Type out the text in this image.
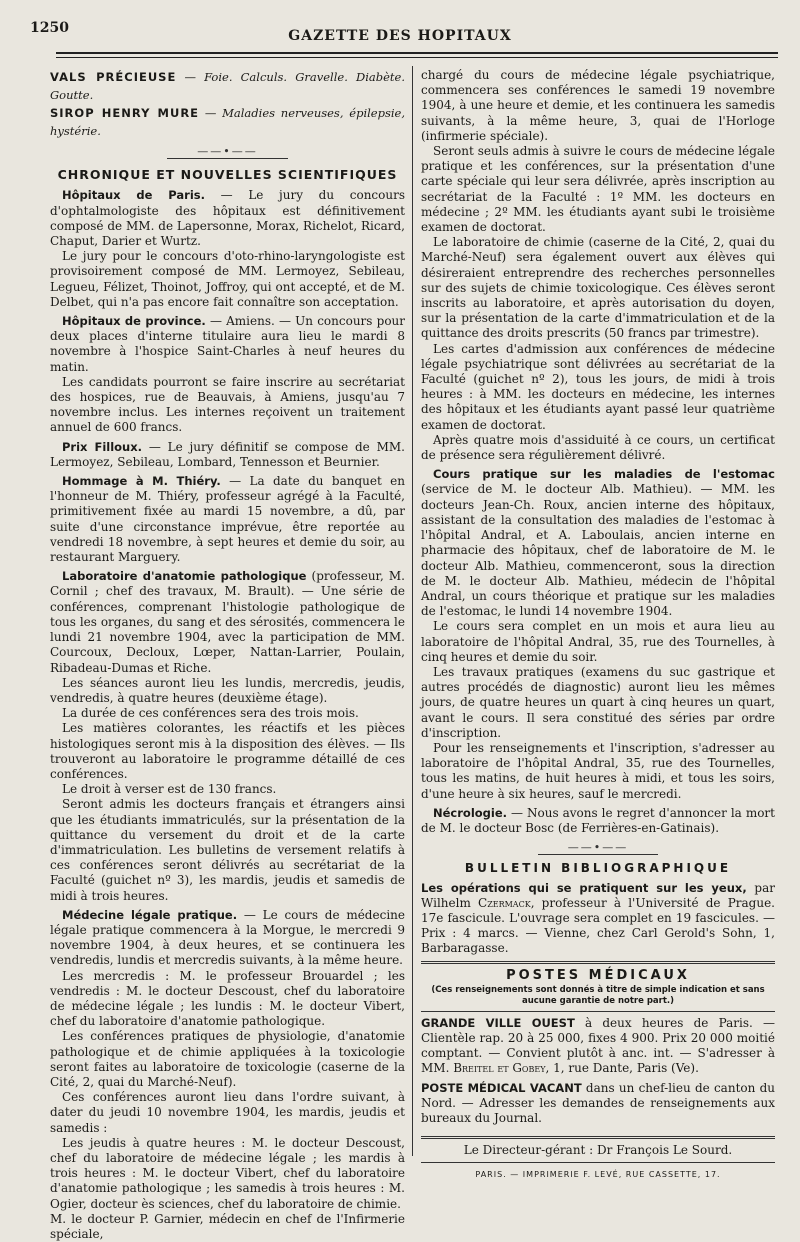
1250	GAZETTE DES HOPITAUX
VALS PRÉCIEUSE — Foie. Calculs. Gravelle. Diabète. Goutte.
SIROP HENRY MURE — Maladies nerveuses, épilepsie, hystérie.
——•——
CHRONIQUE ET NOUVELLES SCIENTIFIQUES

Hôpitaux de Paris. — Le jury du concours d'ophtalmologiste des hôpitaux est définitivement composé de MM. de Lapersonne, Morax, Richelot, Ricard, Chaput, Darier et Wurtz.

Le jury pour le concours d'oto-rhino-laryngologiste est provisoirement composé de MM. Lermoyez, Sebileau, Legueu, Félizet, Thoinot, Joffroy, qui ont accepté, et de M. Delbet, qui n'a pas encore fait connaître son acceptation.

Hôpitaux de province. — Amiens. — Un concours pour deux places d'interne titulaire aura lieu le mardi 8 novembre à l'hospice Saint-Charles à neuf heures du matin.

Les candidats pourront se faire inscrire au secrétariat des hospices, rue de Beauvais, à Amiens, jusqu'au 7 novembre inclus. Les internes reçoivent un traitement annuel de 600 francs.

Prix Filloux. — Le jury définitif se compose de MM. Lermoyez, Sebileau, Lombard, Tennesson et Beurnier.

Hommage à M. Thiéry. — La date du banquet en l'honneur de M. Thiéry, professeur agrégé à la Faculté, primitivement fixée au mardi 15 novembre, a dû, par suite d'une circonstance imprévue, être reportée au vendredi 18 novembre, à sept heures et demie du soir, au restaurant Marguery.

Laboratoire d'anatomie pathologique (professeur, M. Cornil ; chef des travaux, M. Brault). — Une série de conférences, comprenant l'histologie pathologique de tous les organes, du sang et des sérosités, commencera le lundi 21 novembre 1904, avec la participation de MM. Courcoux, Decloux, Lœper, Nattan-Larrier, Poulain, Ribadeau-Dumas et Riche.

Les séances auront lieu les lundis, mercredis, jeudis, vendredis, à quatre heures (deuxième étage).

La durée de ces conférences sera des trois mois.

Les matières colorantes, les réactifs et les pièces histologiques seront mis à la disposition des élèves. — Ils trouveront au laboratoire le programme détaillé de ces conférences.

Le droit à verser est de 130 francs.

Seront admis les docteurs français et étrangers ainsi que les étudiants immatriculés, sur la présentation de la quittance du versement du droit et de la carte d'immatriculation. Les bulletins de versement relatifs à ces conférences seront délivrés au secrétariat de la Faculté (guichet nº 3), les mardis, jeudis et samedis de midi à trois heures.

Médecine légale pratique. — Le cours de médecine légale pratique commencera à la Morgue, le mercredi 9 novembre 1904, à deux heures, et se continuera les vendredis, lundis et mercredis suivants, à la même heure.

Les mercredis : M. le professeur Brouardel ; les vendredis : M. le docteur Descoust, chef du laboratoire de médecine légale ; les lundis : M. le docteur Vibert, chef du laboratoire d'anatomie pathologique.

Les conférences pratiques de physiologie, d'anatomie pathologique et de chimie appliquées à la toxicologie seront faites au laboratoire de toxicologie (caserne de la Cité, 2, quai du Marché-Neuf).

Ces conférences auront lieu dans l'ordre suivant, à dater du jeudi 10 novembre 1904, les mardis, jeudis et samedis :

Les jeudis à quatre heures : M. le docteur Descoust, chef du laboratoire de médecine légale ; les mardis à trois heures : M. le docteur Vibert, chef du laboratoire d'anatomie pathologique ; les samedis à trois heures : M. Ogier, docteur ès sciences, chef du laboratoire de chimie.

M. le docteur P. Garnier, médecin en chef de l'Infirmerie spéciale,

chargé du cours de médecine légale psychiatrique, commencera ses conférences le samedi 19 novembre 1904, à une heure et demie, et les continuera les samedis suivants, à la même heure, 3, quai de l'Horloge (infirmerie spéciale).

Seront seuls admis à suivre le cours de médecine légale pratique et les conférences, sur la présentation d'une carte spéciale qui leur sera délivrée, après inscription au secrétariat de la Faculté : 1º MM. les docteurs en médecine ; 2º MM. les étudiants ayant subi le troisième examen de doctorat.

Le laboratoire de chimie (caserne de la Cité, 2, quai du Marché-Neuf) sera également ouvert aux élèves qui désireraient entreprendre des recherches personnelles sur des sujets de chimie toxicologique. Ces élèves seront inscrits au laboratoire, et après autorisation du doyen, sur la présentation de la carte d'immatriculation et de la quittance des droits prescrits (50 francs par trimestre).

Les cartes d'admission aux conférences de médecine légale psychiatrique sont délivrées au secrétariat de la Faculté (guichet nº 2), tous les jours, de midi à trois heures : à MM. les docteurs en médecine, les internes des hôpitaux et les étudiants ayant passé leur quatrième examen de doctorat.

Après quatre mois d'assiduité à ce cours, un certificat de présence sera régulièrement délivré.

Cours pratique sur les maladies de l'estomac (service de M. le docteur Alb. Mathieu). — MM. les docteurs Jean-Ch. Roux, ancien interne des hôpitaux, assistant de la consultation des maladies de l'estomac à l'hôpital Andral, et A. Laboulais, ancien interne en pharmacie des hôpitaux, chef de laboratoire de M. le docteur Alb. Mathieu, commenceront, sous la direction de M. le docteur Alb. Mathieu, médecin de l'hôpital Andral, un cours théorique et pratique sur les maladies de l'estomac, le lundi 14 novembre 1904.

Le cours sera complet en un mois et aura lieu au laboratoire de l'hôpital Andral, 35, rue des Tournelles, à cinq heures et demie du soir.

Les travaux pratiques (examens du suc gastrique et autres procédés de diagnostic) auront lieu les mêmes jours, de quatre heures un quart à cinq heures un quart, avant le cours. Il sera constitué des séries par ordre d'inscription.

Pour les renseignements et l'inscription, s'adresser au laboratoire de l'hôpital Andral, 35, rue des Tournelles, tous les matins, de huit heures à midi, et tous les soirs, d'une heure à six heures, sauf le mercredi.

Nécrologie. — Nous avons le regret d'annoncer la mort de M. le docteur Bosc (de Ferrières-en-Gatinais).

——•——
BULLETIN BIBLIOGRAPHIQUE

Les opérations qui se pratiquent sur les yeux, par Wilhelm Czermack, professeur à l'Université de Prague. 17e fascicule. L'ouvrage sera complet en 19 fascicules. — Prix : 4 marcs. — Vienne, chez Carl Gerold's Sohn, 1, Barbaragasse.

POSTES MÉDICAUX
(Ces renseignements sont donnés à titre de simple indication et sans aucune garantie de notre part.)

GRANDE VILLE OUEST à deux heures de Paris. — Clientèle rap. 20 à 25 000, fixes 4 900. Prix 20 000 moitié comptant. — Convient plutôt à anc. int. — S'adresser à MM. Breitel et Gobey, 1, rue Dante, Paris (Ve).

POSTE MÉDICAL VACANT dans un chef-lieu de canton du Nord. — Adresser les demandes de renseignements aux bureaux du Journal.

Le Directeur-gérant : Dr François Le Sourd.
PARIS. — IMPRIMERIE F. LEVÉ, RUE CASSETTE, 17.
